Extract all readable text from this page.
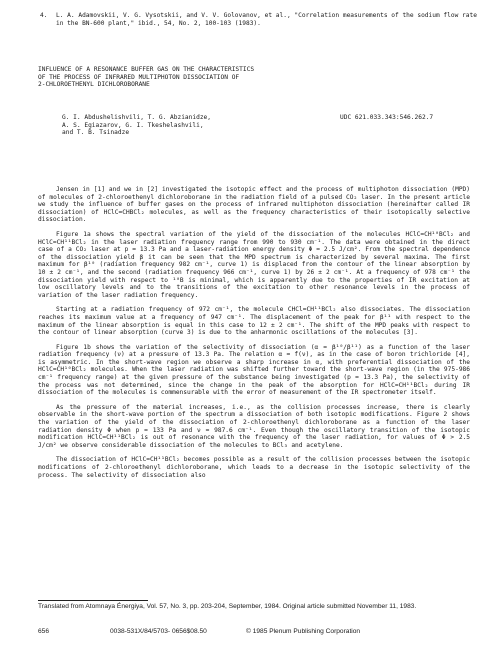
4. L. A. Adamovskii, V. G. Vysotskii, and V. V. Golovanov, et al., "Correlation measurements of the sodium flow rate in the BN-600 plant," ibid., 54, No. 2, 100-103 (1983).
INFLUENCE OF A RESONANCE BUFFER GAS ON THE CHARACTERISTICS
OF THE PROCESS OF INFRARED MULTIPHOTON DISSOCIATION OF
2-CHLOROETHENYL DICHLOROBORANE
G. I. Abdushelishvili, T. G. Abzianidze,
A. S. Egiazarov, G. I. Tkeshelashvili,
and T. B. Tsinadze
UDC 621.033.343:546.262.7

Jensen in [1] and we in [2] investigated the isotopic effect and the process of multiphoton dissociation (MPD) of molecules of 2-chloroethenyl dichloroborane in the radiation field of a pulsed CO₂ laser. In the present article we study the influence of buffer gases on the process of infrared multiphoton dissociation (hereinafter called IR dissociation) of HClC=CHBCl₂ molecules, as well as the frequency characteristics of their isotopically selective dissociation.

Figure 1a shows the spectral variation of the yield of the dissociation of the molecules HClC=CH¹⁰BCl₂ and HClC=CH¹¹BCl₂ in the laser radiation frequency range from 990 to 930 cm⁻¹. The data were obtained in the direct case of a CO₂ laser at p = 13.3 Pa and a laser-radiation energy density Φ = 2.5 J/cm². From the spectral dependence of the dissociation yield β it can be seen that the MPD spectrum is characterized by several maxima. The first maximum for β¹⁰ (radiation frequency 982 cm⁻¹, curve 1) is displaced from the contour of the linear absorption by 10 ± 2 cm⁻¹, and the second (radiation frequency 966 cm⁻¹, curve 1) by 26 ± 2 cm⁻¹. At a frequency of 978 cm⁻¹ the dissociation yield with respect to ¹⁰B is minimal, which is apparently due to the properties of IR excitation at low oscillatory levels and to the transitions of the excitation to other resonance levels in the process of variation of the laser radiation frequency.

Starting at a radiation frequency of 972 cm⁻¹, the molecule CHCl=CH¹¹BCl₂ also dissociates. The dissociation reaches its maximum value at a frequency of 947 cm⁻¹. The displacement of the peak for β¹¹ with respect to the maximum of the linear absorption is equal in this case to 12 ± 2 cm⁻¹. The shift of the MPD peaks with respect to the contour of linear absorption (curve 3) is due to the anharmonic oscillations of the molecules [3].

Figure 1b shows the variation of the selectivity of dissociation (α = β¹⁰/β¹¹) as a function of the laser radiation frequency (ν) at a pressure of 13.3 Pa. The relation α = f(ν), as in the case of boron trichloride [4], is asymmetric. In the short-wave region we observe a sharp increase in α, with preferential dissociation of the HClC=CH¹⁰BCl₂ molecules. When the laser radiation was shifted further toward the short-wave region (in the 975-986 cm⁻¹ frequency range) at the given pressure of the substance being investigated (p = 13.3 Pa), the selectivity of the process was not determined, since the change in the peak of the absorption for HClC=CH¹¹BCl₂ during IR dissociation of the molecules is commensurable with the error of measurement of the IR spectrometer itself.

As the pressure of the material increases, i.e., as the collision processes increase, there is clearly observable in the short-wave portion of the spectrum a dissociation of both isotopic modifications. Figure 2 shows the variation of the yield of the dissociation of 2-chloroethenyl dichloroborane as a function of the laser radiation density Φ when p = 133 Pa and ν = 987.6 cm⁻¹. Even though the oscillatory transition of the isotopic modification HClC=CH¹¹BCl₂ is out of resonance with the frequency of the laser radiation, for values of Φ > 2.5 J/cm² we observe considerable dissociation of the molecules to BCl₃ and acetylene.

The dissociation of HClC=CH¹¹BCl₂ becomes possible as a result of the collision processes between the isotopic modifications of 2-chloroethenyl dichloroborane, which leads to a decrease in the isotopic selectivity of the process. The selectivity of dissociation also

Translated from Atomnaya Énergiya, Vol. 57, No. 3, pp. 203-204, September, 1984. Original article submitted November 11, 1983.
656	0038-531X/84/5703- 0656$08.50	© 1985 Plenum Publishing Corporation
